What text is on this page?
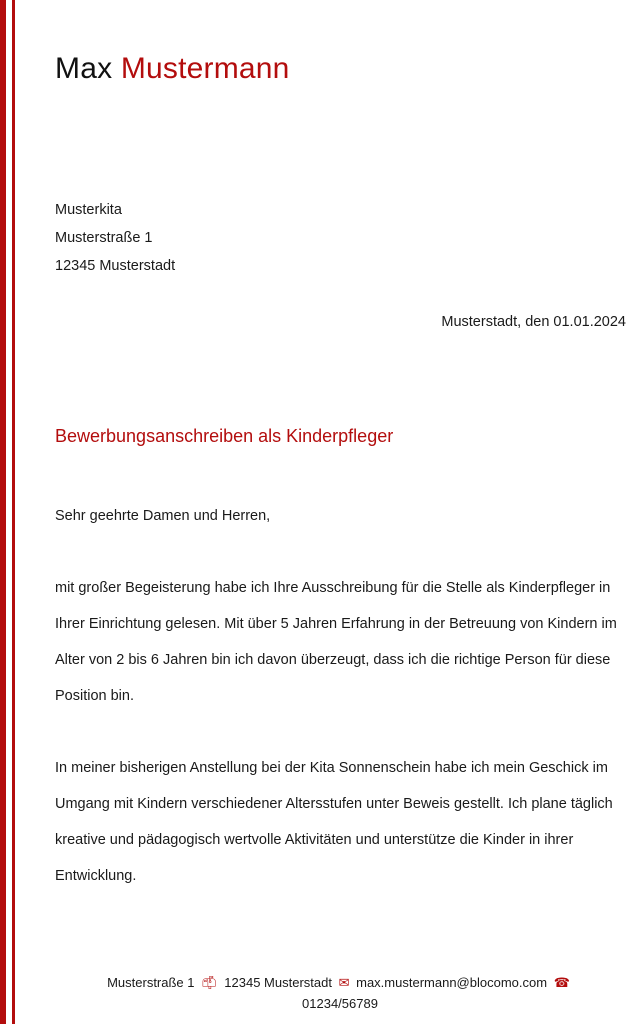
Max Mustermann
Musterkita
Musterstraße 1
12345 Musterstadt
Musterstadt, den 01.01.2024
Bewerbungsanschreiben als Kinderpfleger
Sehr geehrte Damen und Herren,

mit großer Begeisterung habe ich Ihre Ausschreibung für die Stelle als Kinderpfleger in Ihrer Einrichtung gelesen. Mit über 5 Jahren Erfahrung in der Betreuung von Kindern im Alter von 2 bis 6 Jahren bin ich davon überzeugt, dass ich die richtige Person für diese Position bin.

In meiner bisherigen Anstellung bei der Kita Sonnenschein habe ich mein Geschick im Umgang mit Kindern verschiedener Altersstufen unter Beweis gestellt. Ich plane täglich kreative und pädagogisch wertvolle Aktivitäten und unterstütze die Kinder in ihrer Entwicklung.

Musterstraße 1 📫︎ 12345 Musterstadt ✉︎ max.mustermann@blocomo.com ☎︎
01234/56789
